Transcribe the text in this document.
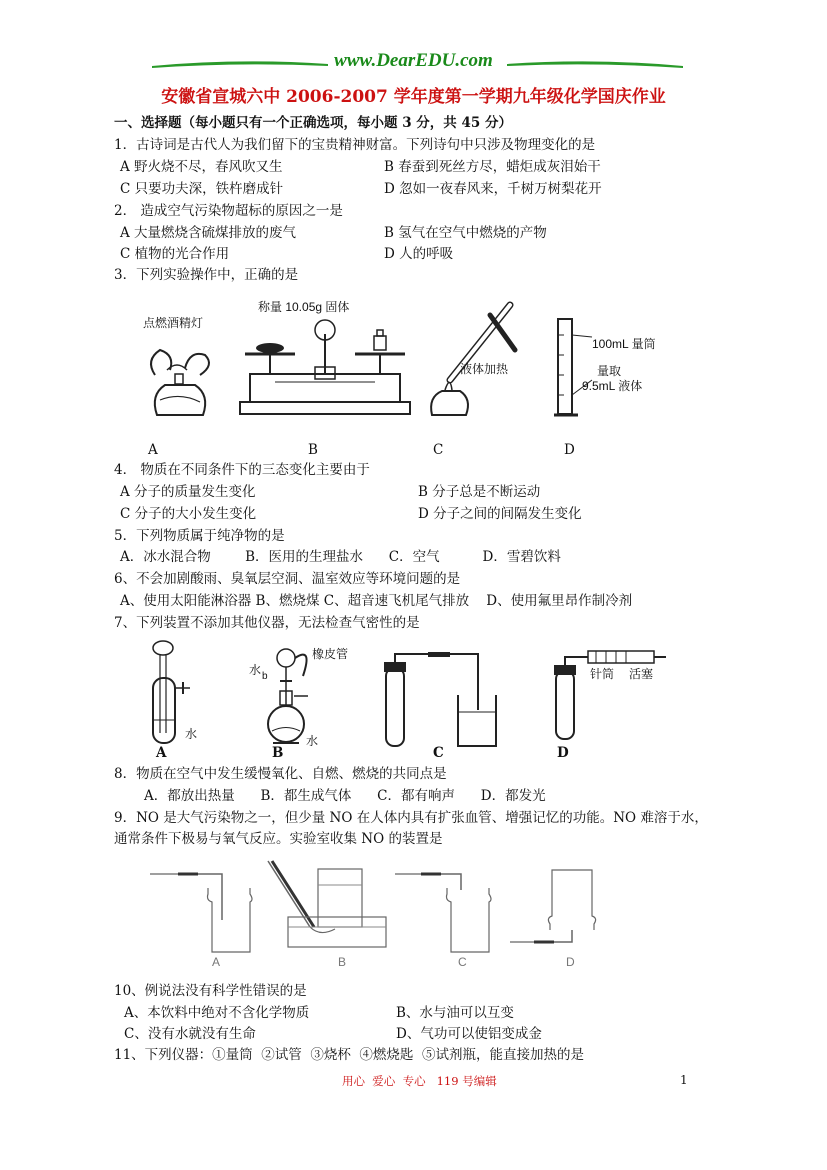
www.DearEDU.com
安徽省宣城六中 2006-2007 学年度第一学期九年级化学国庆作业
一、选择题（每小题只有一个正确选项，每小题 3 分，共 45 分）
1．古诗词是古代人为我们留下的宝贵精神财富。下列诗句中只涉及物理变化的是
A 野火烧不尽，春风吹又生	B 春蚕到死丝方尽，蜡炬成灰泪始干
C 只要功夫深，铁杵磨成针	D 忽如一夜春风来，千树万树梨花开
2． 造成空气污染物超标的原因之一是
A 大量燃烧含硫煤排放的废气	B 氢气在空气中燃烧的产物
C 植物的光合作用	D 人的呼吸
3．下列实验操作中，正确的是
点燃酒精灯
称量 10.05g 固体
液体加热
100mL 量筒
量取
9.5mL 液体
A	B	C	D
4． 物质在不同条件下的三态变化主要由于
A 分子的质量发生变化	B 分子总是不断运动
C 分子的大小发生变化	D 分子之间的间隔发生变化
5．下列物质属于纯净物的是
A．冰水混合物        B．医用的生理盐水      C．空气          D．雪碧饮料
6、不会加剧酸雨、臭氧层空洞、温室效应等环境问题的是
A、使用太阳能淋浴器 B、燃烧煤 C、超音速飞机尾气排放    D、使用氟里昂作制冷剂
7、下列装置不添加其他仪器，无法检查气密性的是
水
水 b
橡皮管
水
针筒 活塞
A	B	C	D
8．物质在空气中发生缓慢氧化、自燃、燃烧的共同点是
A．都放出热量      B．都生成气体      C．都有响声      D．都发光
9．NO 是大气污染物之一，但少量 NO 在人体内具有扩张血管、增强记忆的功能。NO 难溶于水，
通常条件下极易与氧气反应。实验室收集 NO 的装置是
A	B	C	D
10、例说法没有科学性错误的是
A、本饮料中绝对不含化学物质	B、水与油可以互变
C、没有水就没有生命	D、气功可以使铝变成金
11、下列仪器：①量筒  ②试管  ③烧杯  ④燃烧匙  ⑤试剂瓶，能直接加热的是
用心  爱心  专心   119 号编辑	1
